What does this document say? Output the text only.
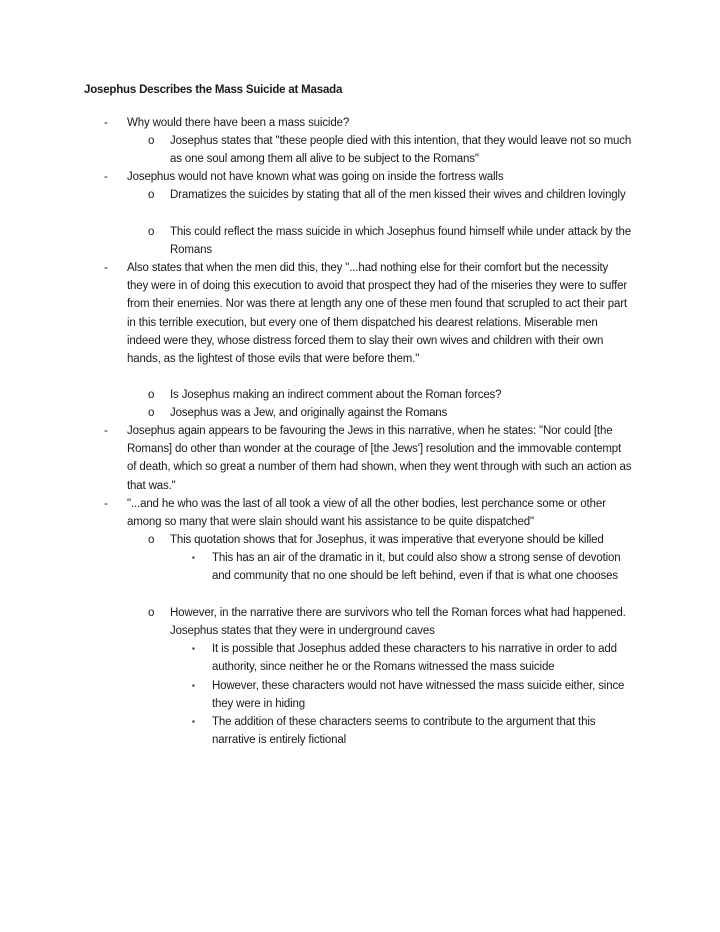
Josephus Describes the Mass Suicide at Masada
- Why would there have been a mass suicide?
o Josephus states that "these people died with this intention, that they would leave not so much as one soul among them all alive to be subject to the Romans"
- Josephus would not have known what was going on inside the fortress walls
o Dramatizes the suicides by stating that all of the men kissed their wives and children lovingly
o This could reflect the mass suicide in which Josephus found himself while under attack by the Romans
- Also states that when the men did this, they "...had nothing else for their comfort but the necessity they were in of doing this execution to avoid that prospect they had of the miseries they were to suffer from their enemies. Nor was there at length any one of these men found that scrupled to act their part in this terrible execution, but every one of them dispatched his dearest relations. Miserable men indeed were they, whose distress forced them to slay their own wives and children with their own hands, as the lightest of those evils that were before them."
o Is Josephus making an indirect comment about the Roman forces?
o Josephus was a Jew, and originally against the Romans
- Josephus again appears to be favouring the Jews in this narrative, when he states: "Nor could [the Romans] do other than wonder at the courage of [the Jews'] resolution and the immovable contempt of death, which so great a number of them had shown, when they went through with such an action as that was."
- "...and he who was the last of all took a view of all the other bodies, lest perchance some or other among so many that were slain should want his assistance to be quite dispatched"
o This quotation shows that for Josephus, it was imperative that everyone should be killed
▪ This has an air of the dramatic in it, but could also show a strong sense of devotion and community that no one should be left behind, even if that is what one chooses
o However, in the narrative there are survivors who tell the Roman forces what had happened. Josephus states that they were in underground caves
▪ It is possible that Josephus added these characters to his narrative in order to add authority, since neither he or the Romans witnessed the mass suicide
▪ However, these characters would not have witnessed the mass suicide either, since they were in hiding
▪ The addition of these characters seems to contribute to the argument that this narrative is entirely fictional
